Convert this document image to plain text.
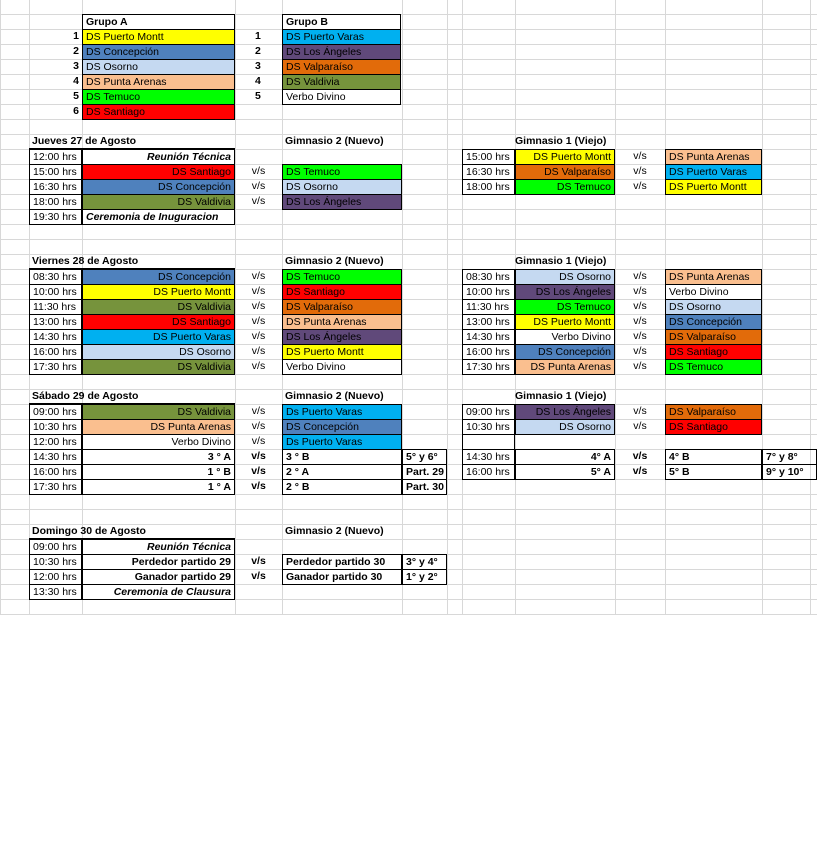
Grupo A
1 DS Puerto Montt
2 DS Concepción
3 DS Osorno
4 DS Punta Arenas
5 DS Temuco
6 DS Santiago
Grupo B
1	DS Puerto Varas
2	DS Los Ángeles
3	DS Valparaíso
4	DS Valdivia
5	Verbo Divino
Jueves 27 de Agosto	Gimnasio 2 (Nuevo)	Gimnasio 1 (Viejo)
12:00 hrs	Reunión Técnica
15:00 hrs	DS Santiago	v/s	DS Temuco
16:30 hrs	DS Concepción	v/s	DS Osorno
18:00 hrs	DS Valdivia	v/s	DS Los Ángeles
19:30 hrs Ceremonia de Inuguracion
15:00 hrs	DS Puerto Montt	v/s	DS Punta Arenas
16:30 hrs	DS Valparaíso	v/s	DS Puerto Varas
18:00 hrs	DS Temuco	v/s	DS Puerto Montt
Viernes 28 de Agosto	Gimnasio 2 (Nuevo)	Gimnasio 1 (Viejo)
08:30 hrs	DS Concepción	v/s	DS Temuco
10:00 hrs	DS Puerto Montt	v/s	DS Santiago
11:30 hrs	DS Valdivia	v/s	DS Valparaíso
13:00 hrs	DS Santiago	v/s	DS Punta Arenas
14:30 hrs	DS Puerto Varas	v/s	DS Los Ángeles
16:00 hrs	DS Osorno	v/s	DS Puerto Montt
17:30 hrs	DS Valdivia	v/s	Verbo Divino
08:30 hrs	DS Osorno	v/s	DS Punta Arenas
10:00 hrs	DS Los Ángeles	v/s	Verbo Divino
11:30 hrs	DS Temuco	v/s	DS Osorno
13:00 hrs	DS Puerto Montt	v/s	DS Concepción
14:30 hrs	Verbo Divino	v/s	DS Valparaíso
16:00 hrs	DS Concepción	v/s	DS Santiago
17:30 hrs	DS Punta Arenas	v/s	DS Temuco
Sábado 29 de Agosto	Gimnasio 2 (Nuevo)	Gimnasio 1 (Viejo)
09:00 hrs	DS Valdivia	v/s	Ds Puerto Varas
10:30 hrs	DS Punta Arenas	v/s	DS Concepción
12:00 hrs	Verbo Divino	v/s	Ds Puerto Varas
14:30 hrs	3 ° A	v/s	3 ° B	5° y 6°
16:00 hrs	1 ° B	v/s	2 ° A	Part. 29
17:30 hrs	1 ° A	v/s	2 ° B	Part. 30
09:00 hrs	DS Los Ángeles	v/s	DS Valparaíso
10:30 hrs	DS Osorno	v/s	DS Santiago
14:30 hrs	4° A	v/s	4° B	7° y 8°
16:00 hrs	5° A	v/s	5° B	9° y 10°
Domingo 30 de Agosto	Gimnasio 2 (Nuevo)
09:00 hrs	Reunión Técnica
10:30 hrs	Perdedor partido 29	v/s	Perdedor partido 30	3° y 4°
12:00 hrs	Ganador partido 29	v/s	Ganador partido 30	1° y 2°
13:30 hrs	Ceremonia de Clausura
